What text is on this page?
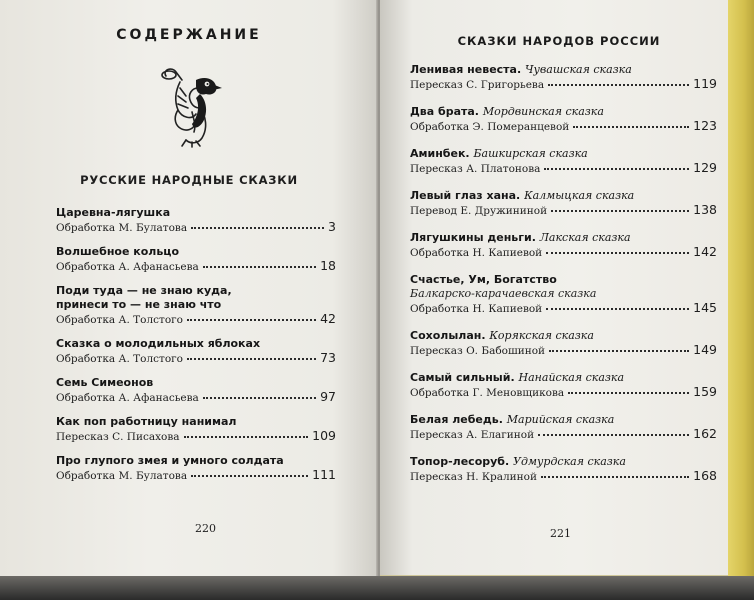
СОДЕРЖАНИЕ
РУССКИЕ НАРОДНЫЕ СКАЗКИ
Царевна-лягушка
Обработка М. Булатова	3
Волшебное кольцо
Обработка А. Афанасьева	18
Поди туда — не знаю куда,
принеси то — не знаю что
Обработка А. Толстого	42
Сказка о молодильных яблоках
Обработка А. Толстого	73
Семь Симеонов
Обработка А. Афанасьева	97
Как поп работницу нанимал
Пересказ С. Писахова	109
Про глупого змея и умного солдата
Обработка М. Булатова	111
220
СКАЗКИ НАРОДОВ РОССИИ
Ленивая невеста. Чувашская сказка
Пересказ С. Григорьева	119
Два брата. Мордвинская сказка
Обработка Э. Померанцевой	123
Аминбек. Башкирская сказка
Пересказ А. Платонова	129
Левый глаз хана. Калмыцкая сказка
Перевод Е. Дружининой	138
Лягушкины деньги. Лакская сказка
Обработка Н. Капиевой	142
Счастье, Ум, Богатство
Балкарско-карачаевская сказка
Обработка Н. Капиевой	145
Сохолылан. Корякская сказка
Пересказ О. Бабошиной	149
Самый сильный. Нанайская сказка
Обработка Г. Меновщикова	159
Белая лебедь. Марийская сказка
Пересказ А. Елагиной	162
Топор-лесоруб. Удмурдская сказка
Пересказ Н. Кралиной	168
221
